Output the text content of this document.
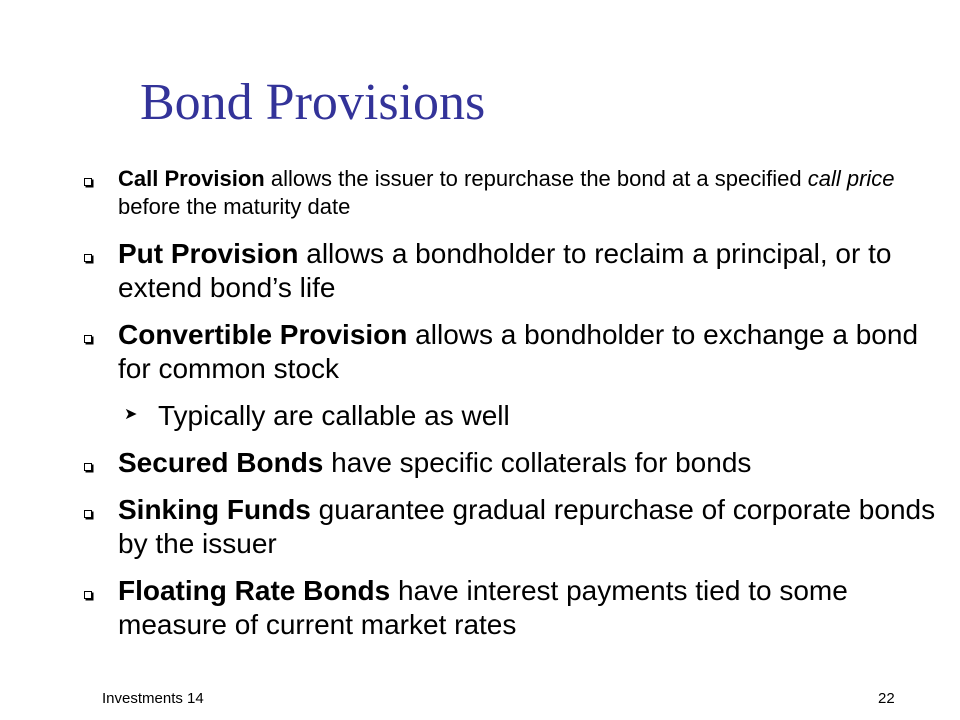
Bond Provisions
Call Provision allows the issuer to repurchase the bond at a specified call price before the maturity date
Put Provision allows a bondholder to reclaim a principal, or to extend bond’s life
Convertible Provision allows a bondholder to exchange a bond for common stock
➤ Typically are callable as well
Secured Bonds have specific collaterals for bonds
Sinking Funds guarantee gradual repurchase of corporate bonds by the issuer
Floating Rate Bonds have interest payments tied to some measure of current market rates
Investments 14	22
